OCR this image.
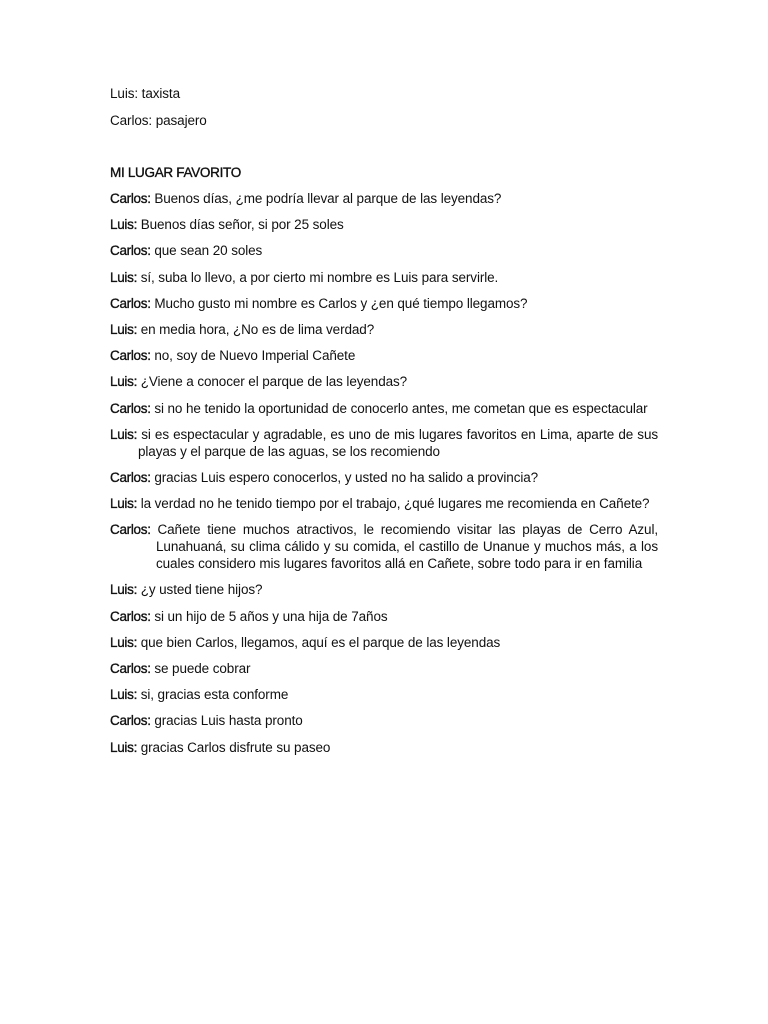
Luis: taxista

Carlos: pasajero

MI LUGAR FAVORITO

Carlos: Buenos días, ¿me podría llevar al parque de las leyendas?

Luis: Buenos días señor, si por 25 soles

Carlos: que sean 20 soles

Luis: sí, suba lo llevo, a por cierto mi nombre es Luis para servirle.

Carlos: Mucho gusto mi nombre es Carlos y ¿en qué tiempo llegamos?

Luis: en media hora, ¿No es de lima verdad?

Carlos: no, soy de Nuevo Imperial Cañete

Luis: ¿Viene a conocer el parque de las leyendas?

Carlos: si no he tenido la oportunidad de conocerlo antes, me cometan que es espectacular

Luis: si es espectacular y agradable, es uno de mis lugares favoritos en Lima, aparte de sus playas y el parque de las aguas, se los recomiendo

Carlos: gracias Luis espero conocerlos, y usted no ha salido a provincia?

Luis: la verdad no he tenido tiempo por el trabajo, ¿qué lugares me recomienda en Cañete?

Carlos: Cañete tiene muchos atractivos, le recomiendo visitar las playas de Cerro Azul, Lunahuaná, su clima cálido y su comida, el castillo de Unanue y muchos más, a los cuales considero mis lugares favoritos allá en Cañete, sobre todo para ir en familia

Luis: ¿y usted tiene hijos?

Carlos: si un hijo de 5 años y una hija de 7años

Luis: que bien Carlos, llegamos, aquí es el parque de las leyendas

Carlos: se puede cobrar

Luis: si, gracias esta conforme

Carlos: gracias Luis hasta pronto

Luis: gracias Carlos disfrute su paseo
